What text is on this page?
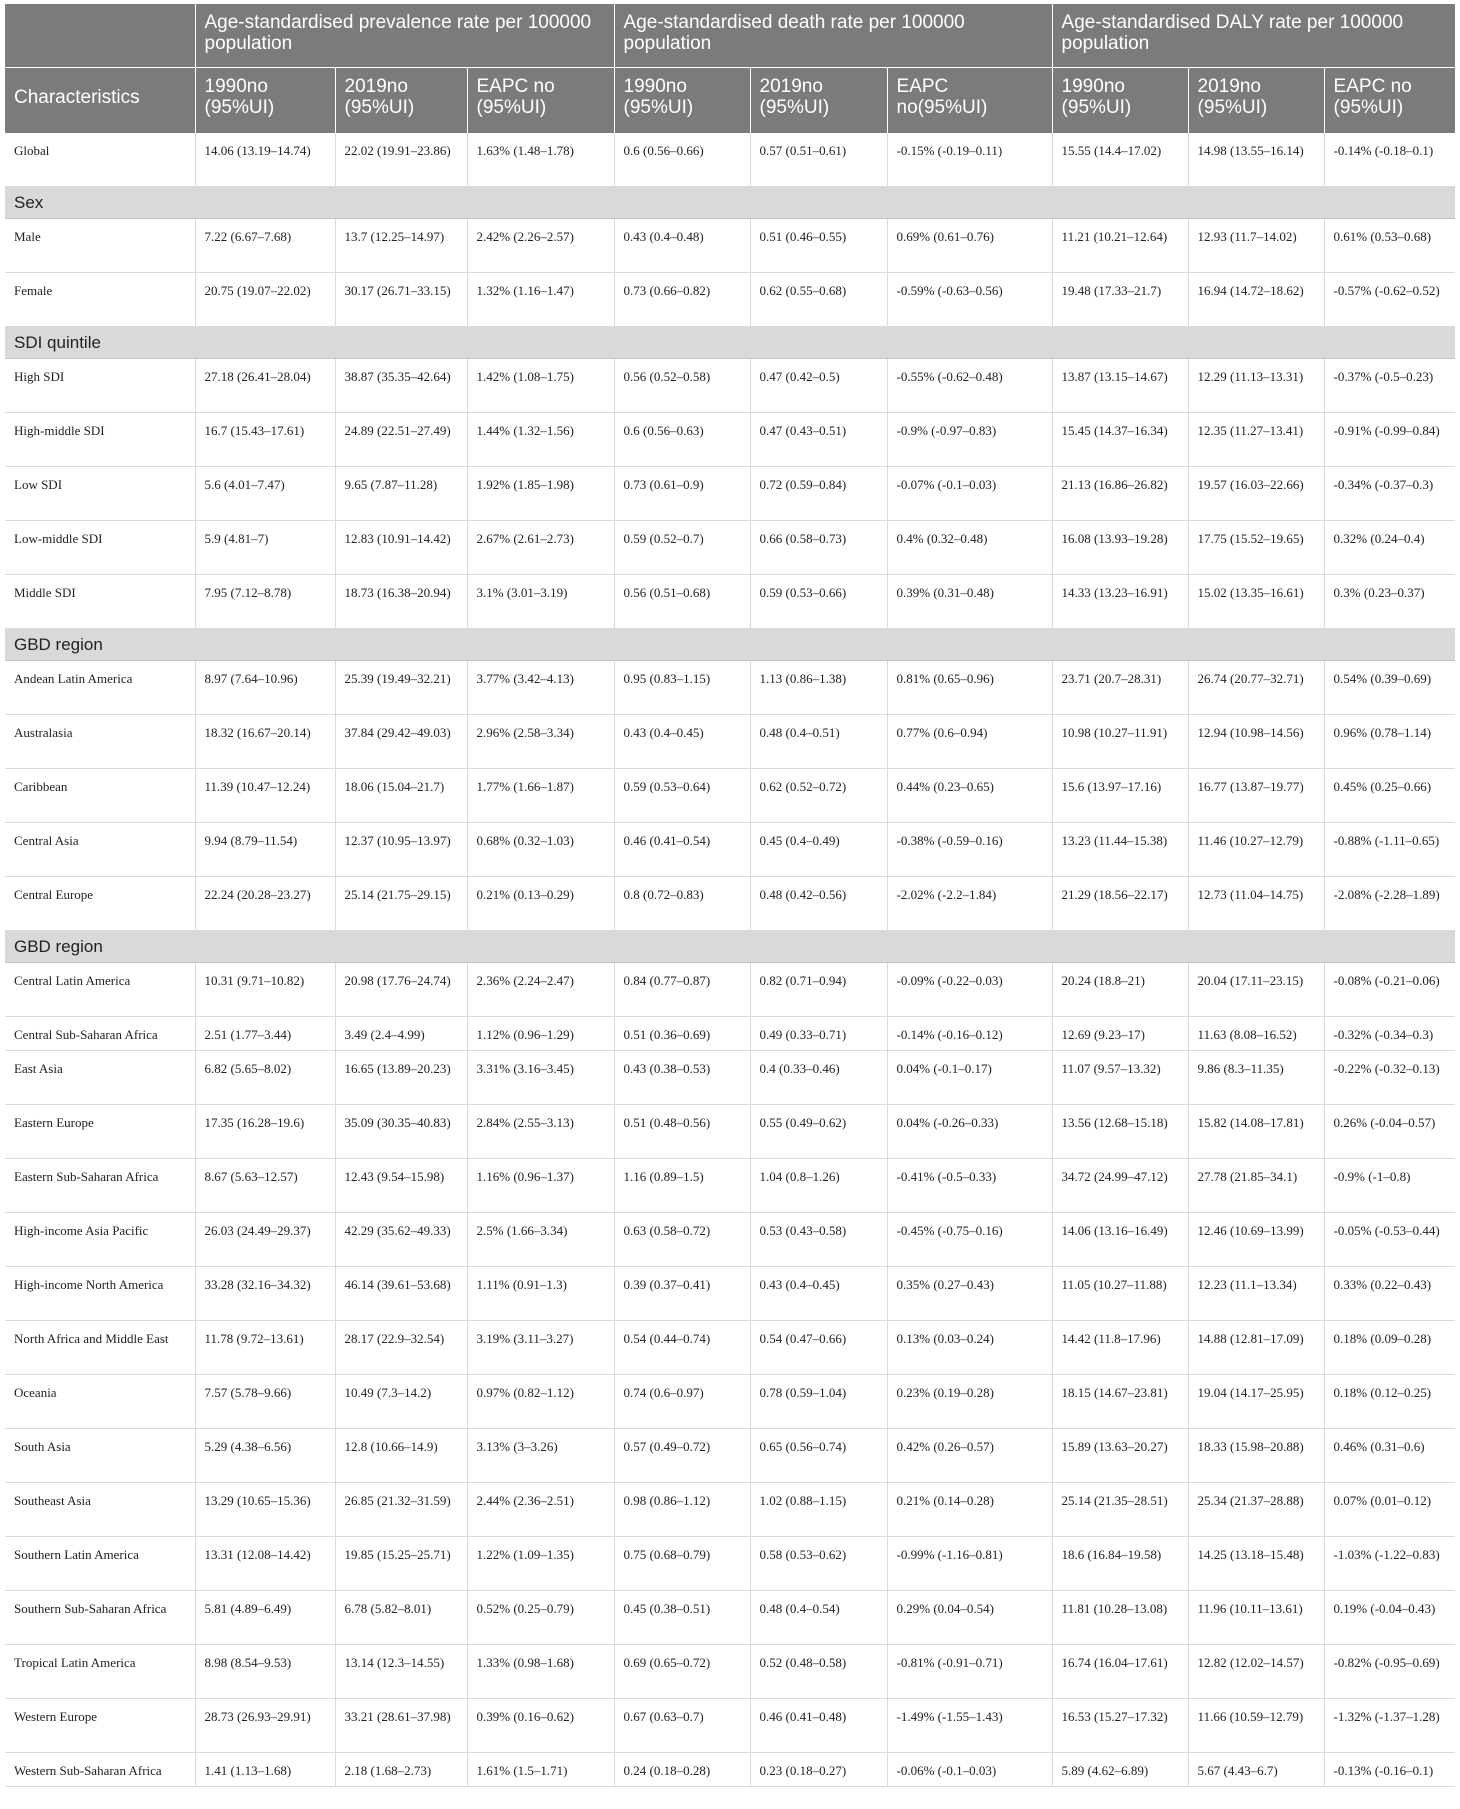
	Age-standardised prevalence rate per 100000 population			Age-standardised death rate per 100000 population			Age-standardised DALY rate per 100000 population		
Characteristics	1990no (95%UI)	2019no (95%UI)	EAPC no (95%UI)	1990no (95%UI)	2019no (95%UI)	EAPC no(95%UI)	1990no (95%UI)	2019no (95%UI)	EAPC no (95%UI)
Global	14.06 (13.19–14.74)	22.02 (19.91–23.86)	1.63% (1.48–1.78)	0.6 (0.56–0.66)	0.57 (0.51–0.61)	-0.15% (-0.19–0.11)	15.55 (14.4–17.02)	14.98 (13.55–16.14)	-0.14% (-0.18–0.1)
Sex									
Male	7.22 (6.67–7.68)	13.7 (12.25–14.97)	2.42% (2.26–2.57)	0.43 (0.4–0.48)	0.51 (0.46–0.55)	0.69% (0.61–0.76)	11.21 (10.21–12.64)	12.93 (11.7–14.02)	0.61% (0.53–0.68)
Female	20.75 (19.07–22.02)	30.17 (26.71–33.15)	1.32% (1.16–1.47)	0.73 (0.66–0.82)	0.62 (0.55–0.68)	-0.59% (-0.63–0.56)	19.48 (17.33–21.7)	16.94 (14.72–18.62)	-0.57% (-0.62–0.52)
SDI quintile									
High SDI	27.18 (26.41–28.04)	38.87 (35.35–42.64)	1.42% (1.08–1.75)	0.56 (0.52–0.58)	0.47 (0.42–0.5)	-0.55% (-0.62–0.48)	13.87 (13.15–14.67)	12.29 (11.13–13.31)	-0.37% (-0.5–0.23)
High-middle SDI	16.7 (15.43–17.61)	24.89 (22.51–27.49)	1.44% (1.32–1.56)	0.6 (0.56–0.63)	0.47 (0.43–0.51)	-0.9% (-0.97–0.83)	15.45 (14.37–16.34)	12.35 (11.27–13.41)	-0.91% (-0.99–0.84)
Low SDI	5.6 (4.01–7.47)	9.65 (7.87–11.28)	1.92% (1.85–1.98)	0.73 (0.61–0.9)	0.72 (0.59–0.84)	-0.07% (-0.1–0.03)	21.13 (16.86–26.82)	19.57 (16.03–22.66)	-0.34% (-0.37–0.3)
Low-middle SDI	5.9 (4.81–7)	12.83 (10.91–14.42)	2.67% (2.61–2.73)	0.59 (0.52–0.7)	0.66 (0.58–0.73)	0.4% (0.32–0.48)	16.08 (13.93–19.28)	17.75 (15.52–19.65)	0.32% (0.24–0.4)
Middle SDI	7.95 (7.12–8.78)	18.73 (16.38–20.94)	3.1% (3.01–3.19)	0.56 (0.51–0.68)	0.59 (0.53–0.66)	0.39% (0.31–0.48)	14.33 (13.23–16.91)	15.02 (13.35–16.61)	0.3% (0.23–0.37)
GBD region									
Andean Latin America	8.97 (7.64–10.96)	25.39 (19.49–32.21)	3.77% (3.42–4.13)	0.95 (0.83–1.15)	1.13 (0.86–1.38)	0.81% (0.65–0.96)	23.71 (20.7–28.31)	26.74 (20.77–32.71)	0.54% (0.39–0.69)
Australasia	18.32 (16.67–20.14)	37.84 (29.42–49.03)	2.96% (2.58–3.34)	0.43 (0.4–0.45)	0.48 (0.4–0.51)	0.77% (0.6–0.94)	10.98 (10.27–11.91)	12.94 (10.98–14.56)	0.96% (0.78–1.14)
Caribbean	11.39 (10.47–12.24)	18.06 (15.04–21.7)	1.77% (1.66–1.87)	0.59 (0.53–0.64)	0.62 (0.52–0.72)	0.44% (0.23–0.65)	15.6 (13.97–17.16)	16.77 (13.87–19.77)	0.45% (0.25–0.66)
Central Asia	9.94 (8.79–11.54)	12.37 (10.95–13.97)	0.68% (0.32–1.03)	0.46 (0.41–0.54)	0.45 (0.4–0.49)	-0.38% (-0.59–0.16)	13.23 (11.44–15.38)	11.46 (10.27–12.79)	-0.88% (-1.11–0.65)
Central Europe	22.24 (20.28–23.27)	25.14 (21.75–29.15)	0.21% (0.13–0.29)	0.8 (0.72–0.83)	0.48 (0.42–0.56)	-2.02% (-2.2–1.84)	21.29 (18.56–22.17)	12.73 (11.04–14.75)	-2.08% (-2.28–1.89)
GBD region									
Central Latin America	10.31 (9.71–10.82)	20.98 (17.76–24.74)	2.36% (2.24–2.47)	0.84 (0.77–0.87)	0.82 (0.71–0.94)	-0.09% (-0.22–0.03)	20.24 (18.8–21)	20.04 (17.11–23.15)	-0.08% (-0.21–0.06)
Central Sub-Saharan Africa	2.51 (1.77–3.44)	3.49 (2.4–4.99)	1.12% (0.96–1.29)	0.51 (0.36–0.69)	0.49 (0.33–0.71)	-0.14% (-0.16–0.12)	12.69 (9.23–17)	11.63 (8.08–16.52)	-0.32% (-0.34–0.3)
East Asia	6.82 (5.65–8.02)	16.65 (13.89–20.23)	3.31% (3.16–3.45)	0.43 (0.38–0.53)	0.4 (0.33–0.46)	0.04% (-0.1–0.17)	11.07 (9.57–13.32)	9.86 (8.3–11.35)	-0.22% (-0.32–0.13)
Eastern Europe	17.35 (16.28–19.6)	35.09 (30.35–40.83)	2.84% (2.55–3.13)	0.51 (0.48–0.56)	0.55 (0.49–0.62)	0.04% (-0.26–0.33)	13.56 (12.68–15.18)	15.82 (14.08–17.81)	0.26% (-0.04–0.57)
Eastern Sub-Saharan Africa	8.67 (5.63–12.57)	12.43 (9.54–15.98)	1.16% (0.96–1.37)	1.16 (0.89–1.5)	1.04 (0.8–1.26)	-0.41% (-0.5–0.33)	34.72 (24.99–47.12)	27.78 (21.85–34.1)	-0.9% (-1–0.8)
High-income Asia Pacific	26.03 (24.49–29.37)	42.29 (35.62–49.33)	2.5% (1.66–3.34)	0.63 (0.58–0.72)	0.53 (0.43–0.58)	-0.45% (-0.75–0.16)	14.06 (13.16–16.49)	12.46 (10.69–13.99)	-0.05% (-0.53–0.44)
High-income North America	33.28 (32.16–34.32)	46.14 (39.61–53.68)	1.11% (0.91–1.3)	0.39 (0.37–0.41)	0.43 (0.4–0.45)	0.35% (0.27–0.43)	11.05 (10.27–11.88)	12.23 (11.1–13.34)	0.33% (0.22–0.43)
North Africa and Middle East	11.78 (9.72–13.61)	28.17 (22.9–32.54)	3.19% (3.11–3.27)	0.54 (0.44–0.74)	0.54 (0.47–0.66)	0.13% (0.03–0.24)	14.42 (11.8–17.96)	14.88 (12.81–17.09)	0.18% (0.09–0.28)
Oceania	7.57 (5.78–9.66)	10.49 (7.3–14.2)	0.97% (0.82–1.12)	0.74 (0.6–0.97)	0.78 (0.59–1.04)	0.23% (0.19–0.28)	18.15 (14.67–23.81)	19.04 (14.17–25.95)	0.18% (0.12–0.25)
South Asia	5.29 (4.38–6.56)	12.8 (10.66–14.9)	3.13% (3–3.26)	0.57 (0.49–0.72)	0.65 (0.56–0.74)	0.42% (0.26–0.57)	15.89 (13.63–20.27)	18.33 (15.98–20.88)	0.46% (0.31–0.6)
Southeast Asia	13.29 (10.65–15.36)	26.85 (21.32–31.59)	2.44% (2.36–2.51)	0.98 (0.86–1.12)	1.02 (0.88–1.15)	0.21% (0.14–0.28)	25.14 (21.35–28.51)	25.34 (21.37–28.88)	0.07% (0.01–0.12)
Southern Latin America	13.31 (12.08–14.42)	19.85 (15.25–25.71)	1.22% (1.09–1.35)	0.75 (0.68–0.79)	0.58 (0.53–0.62)	-0.99% (-1.16–0.81)	18.6 (16.84–19.58)	14.25 (13.18–15.48)	-1.03% (-1.22–0.83)
Southern Sub-Saharan Africa	5.81 (4.89–6.49)	6.78 (5.82–8.01)	0.52% (0.25–0.79)	0.45 (0.38–0.51)	0.48 (0.4–0.54)	0.29% (0.04–0.54)	11.81 (10.28–13.08)	11.96 (10.11–13.61)	0.19% (-0.04–0.43)
Tropical Latin America	8.98 (8.54–9.53)	13.14 (12.3–14.55)	1.33% (0.98–1.68)	0.69 (0.65–0.72)	0.52 (0.48–0.58)	-0.81% (-0.91–0.71)	16.74 (16.04–17.61)	12.82 (12.02–14.57)	-0.82% (-0.95–0.69)
Western Europe	28.73 (26.93–29.91)	33.21 (28.61–37.98)	0.39% (0.16–0.62)	0.67 (0.63–0.7)	0.46 (0.41–0.48)	-1.49% (-1.55–1.43)	16.53 (15.27–17.32)	11.66 (10.59–12.79)	-1.32% (-1.37–1.28)
Western Sub-Saharan Africa	1.41 (1.13–1.68)	2.18 (1.68–2.73)	1.61% (1.5–1.71)	0.24 (0.18–0.28)	0.23 (0.18–0.27)	-0.06% (-0.1–0.03)	5.89 (4.62–6.89)	5.67 (4.43–6.7)	-0.13% (-0.16–0.1)
